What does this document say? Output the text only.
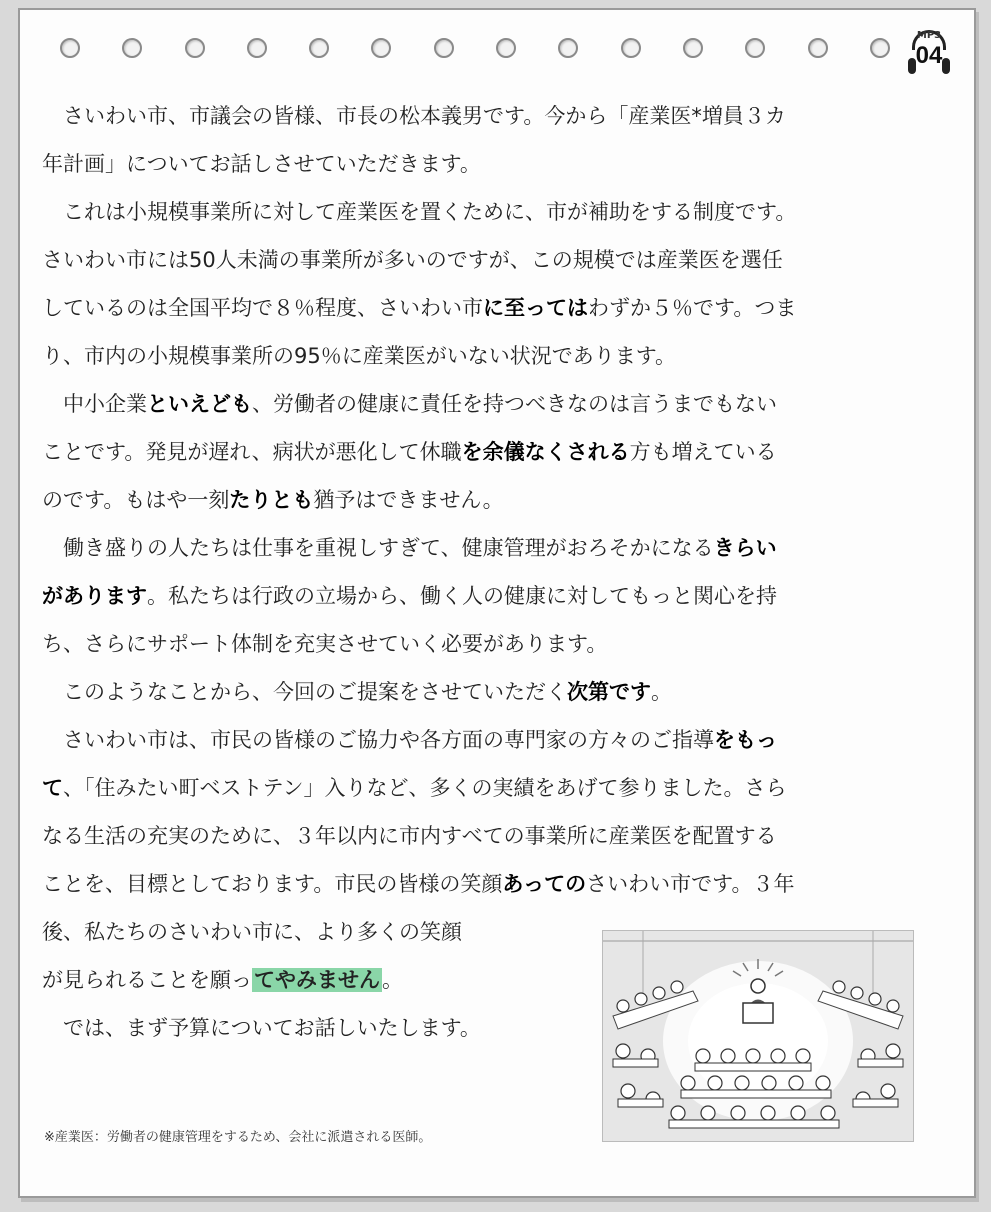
MP3
04
　さいわい市、市議会の皆様、市長の松本義男です。今から「産業医*増員３カ
年計画」についてお話しさせていただきます。
　これは小規模事業所に対して産業医を置くために、市が補助をする制度です。
さいわい市には50人未満の事業所が多いのですが、この規模では産業医を選任
しているのは全国平均で８％程度、さいわい市に至ってはわずか５％です。つま
り、市内の小規模事業所の95％に産業医がいない状況であります。
　中小企業といえども、労働者の健康に責任を持つべきなのは言うまでもない
ことです。発見が遅れ、病状が悪化して休職を余儀なくされる方も増えている
のです。もはや一刻たりとも猶予はできません。
　働き盛りの人たちは仕事を重視しすぎて、健康管理がおろそかになるきらい
があります。私たちは行政の立場から、働く人の健康に対してもっと関心を持
ち、さらにサポート体制を充実させていく必要があります。
　このようなことから、今回のご提案をさせていただく次第です。
　さいわい市は、市民の皆様のご協力や各方面の専門家の方々のご指導をもっ
て、「住みたい町ベストテン」入りなど、多くの実績をあげて参りました。さら
なる生活の充実のために、３年以内に市内すべての事業所に産業医を配置する
ことを、目標としております。市民の皆様の笑顔あってのさいわい市です。３年
後、私たちのさいわい市に、より多くの笑顔
が見られることを願ってやみません。
　では、まず予算についてお話しいたします。
※産業医：労働者の健康管理をするため、会社に派遣される医師。
